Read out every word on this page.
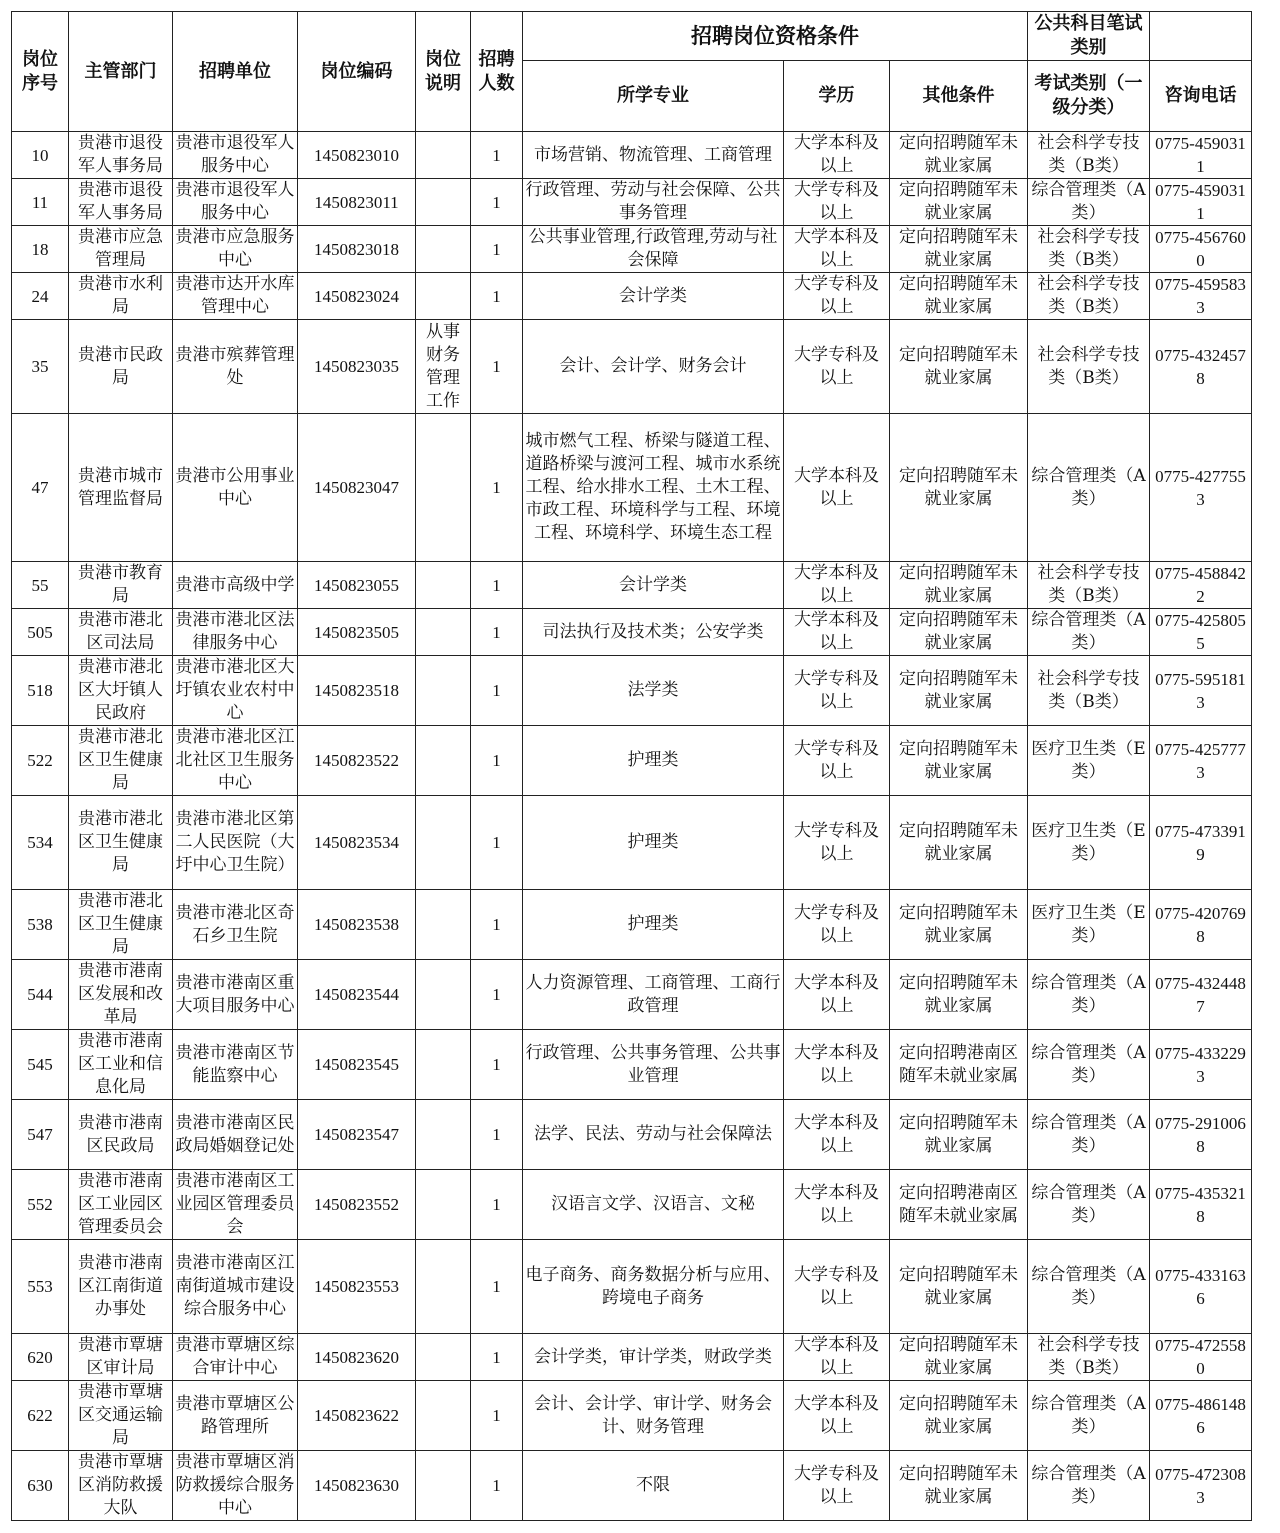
岗位序号	主管部门	招聘单位	岗位编码	岗位说明	招聘人数	招聘岗位资格条件			公共科目笔试类别	
						所学专业	学历	其他条件	考试类别（一级分类）	咨询电话
10	贵港市退役军人事务局	贵港市退役军人服务中心	1450823010		1	市场营销、物流管理、工商管理	大学本科及以上	定向招聘随军未就业家属	社会科学专技类（B类）	0775-4590311
11	贵港市退役军人事务局	贵港市退役军人服务中心	1450823011		1	行政管理、劳动与社会保障、公共事务管理	大学专科及以上	定向招聘随军未就业家属	综合管理类（A类）	0775-4590311
18	贵港市应急管理局	贵港市应急服务中心	1450823018		1	公共事业管理,行政管理,劳动与社会保障	大学本科及以上	定向招聘随军未就业家属	社会科学专技类（B类）	0775-4567600
24	贵港市水利局	贵港市达开水库管理中心	1450823024		1	会计学类	大学专科及以上	定向招聘随军未就业家属	社会科学专技类（B类）	0775-4595833
35	贵港市民政局	贵港市殡葬管理处	1450823035	从事财务管理工作	1	会计、会计学、财务会计	大学专科及以上	定向招聘随军未就业家属	社会科学专技类（B类）	0775-4324578
47	贵港市城市管理监督局	贵港市公用事业中心	1450823047		1	城市燃气工程、桥梁与隧道工程、道路桥梁与渡河工程、城市水系统工程、给水排水工程、土木工程、市政工程、环境科学与工程、环境工程、环境科学、环境生态工程	大学本科及以上	定向招聘随军未就业家属	综合管理类（A类）	0775-4277553
55	贵港市教育局	贵港市高级中学	1450823055		1	会计学类	大学本科及以上	定向招聘随军未就业家属	社会科学专技类（B类）	0775-4588422
505	贵港市港北区司法局	贵港市港北区法律服务中心	1450823505		1	司法执行及技术类；公安学类	大学本科及以上	定向招聘随军未就业家属	综合管理类（A类）	0775-4258055
518	贵港市港北区大圩镇人民政府	贵港市港北区大圩镇农业农村中心	1450823518		1	法学类	大学专科及以上	定向招聘随军未就业家属	社会科学专技类（B类）	0775-5951813
522	贵港市港北区卫生健康局	贵港市港北区江北社区卫生服务中心	1450823522		1	护理类	大学专科及以上	定向招聘随军未就业家属	医疗卫生类（E类）	0775-4257773
534	贵港市港北区卫生健康局	贵港市港北区第二人民医院（大圩中心卫生院）	1450823534		1	护理类	大学专科及以上	定向招聘随军未就业家属	医疗卫生类（E类）	0775-4733919
538	贵港市港北区卫生健康局	贵港市港北区奇石乡卫生院	1450823538		1	护理类	大学专科及以上	定向招聘随军未就业家属	医疗卫生类（E类）	0775-4207698
544	贵港市港南区发展和改革局	贵港市港南区重大项目服务中心	1450823544		1	人力资源管理、工商管理、工商行政管理	大学本科及以上	定向招聘随军未就业家属	综合管理类（A类）	0775-4324487
545	贵港市港南区工业和信息化局	贵港市港南区节能监察中心	1450823545		1	行政管理、公共事务管理、公共事业管理	大学本科及以上	定向招聘港南区随军未就业家属	综合管理类（A类）	0775-4332293
547	贵港市港南区民政局	贵港市港南区民政局婚姻登记处	1450823547		1	法学、民法、劳动与社会保障法	大学本科及以上	定向招聘随军未就业家属	综合管理类（A类）	0775-2910068
552	贵港市港南区工业园区管理委员会	贵港市港南区工业园区管理委员会	1450823552		1	汉语言文学、汉语言、文秘	大学本科及以上	定向招聘港南区随军未就业家属	综合管理类（A类）	0775-4353218
553	贵港市港南区江南街道办事处	贵港市港南区江南街道城市建设综合服务中心	1450823553		1	电子商务、商务数据分析与应用、跨境电子商务	大学专科及以上	定向招聘随军未就业家属	综合管理类（A类）	0775-4331636
620	贵港市覃塘区审计局	贵港市覃塘区综合审计中心	1450823620		1	会计学类，审计学类，财政学类	大学本科及以上	定向招聘随军未就业家属	社会科学专技类（B类）	0775-4725580
622	贵港市覃塘区交通运输局	贵港市覃塘区公路管理所	1450823622		1	会计、会计学、审计学、财务会计、财务管理	大学本科及以上	定向招聘随军未就业家属	综合管理类（A类）	0775-4861486
630	贵港市覃塘区消防救援大队	贵港市覃塘区消防救援综合服务中心	1450823630		1	不限	大学专科及以上	定向招聘随军未就业家属	综合管理类（A类）	0775-4723083
